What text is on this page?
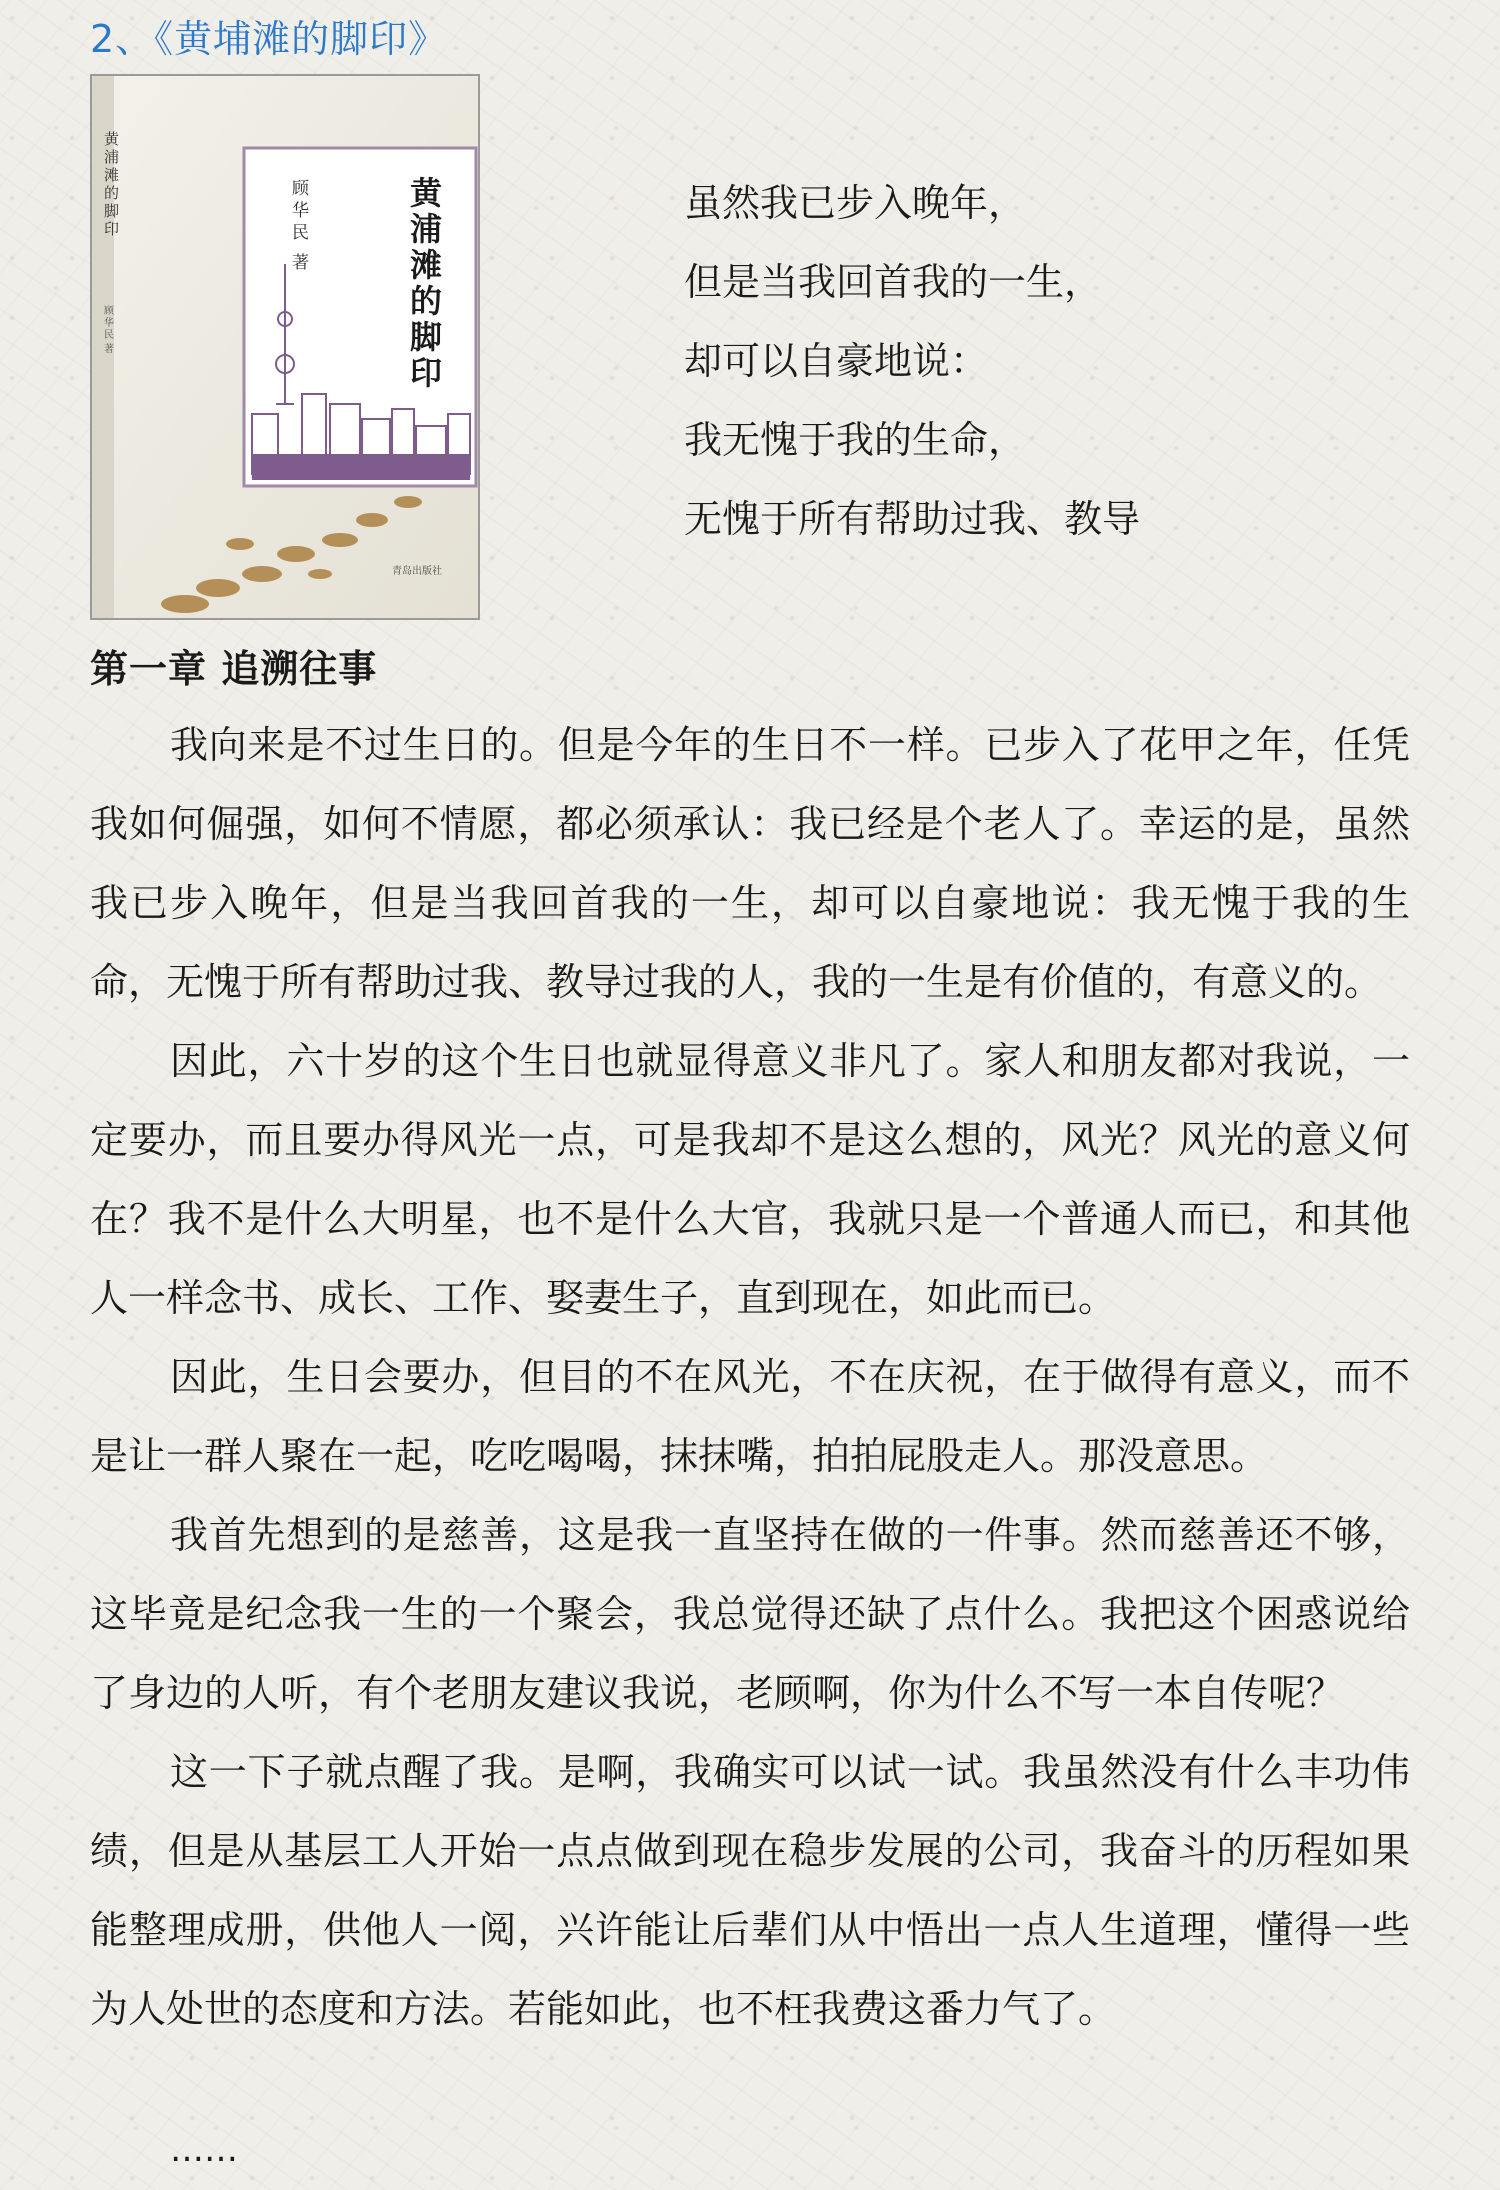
2、《黄埔滩的脚印》
黄浦滩的脚印
顾华民著
顾华民著
黄浦滩的脚印
青岛出版社
虽然我已步入晚年，
但是当我回首我的一生，
却可以自豪地说：
我无愧于我的生命，
无愧于所有帮助过我、教导
第一章 追溯往事

我向来是不过生日的。但是今年的生日不一样。已步入了花甲之年，任凭我如何倔强，如何不情愿，都必须承认：我已经是个老人了。幸运的是，虽然我已步入晚年，但是当我回首我的一生，却可以自豪地说：我无愧于我的生命，无愧于所有帮助过我、教导过我的人，我的一生是有价值的，有意义的。

因此，六十岁的这个生日也就显得意义非凡了。家人和朋友都对我说，一定要办，而且要办得风光一点，可是我却不是这么想的，风光？风光的意义何在？我不是什么大明星，也不是什么大官，我就只是一个普通人而已，和其他人一样念书、成长、工作、娶妻生子，直到现在，如此而已。

因此，生日会要办，但目的不在风光，不在庆祝，在于做得有意义，而不是让一群人聚在一起，吃吃喝喝，抹抹嘴，拍拍屁股走人。那没意思。

我首先想到的是慈善，这是我一直坚持在做的一件事。然而慈善还不够，这毕竟是纪念我一生的一个聚会，我总觉得还缺了点什么。我把这个困惑说给了身边的人听，有个老朋友建议我说，老顾啊，你为什么不写一本自传呢？

这一下子就点醒了我。是啊，我确实可以试一试。我虽然没有什么丰功伟绩，但是从基层工人开始一点点做到现在稳步发展的公司，我奋斗的历程如果能整理成册，供他人一阅，兴许能让后辈们从中悟出一点人生道理，懂得一些为人处世的态度和方法。若能如此，也不枉我费这番力气了。

……
